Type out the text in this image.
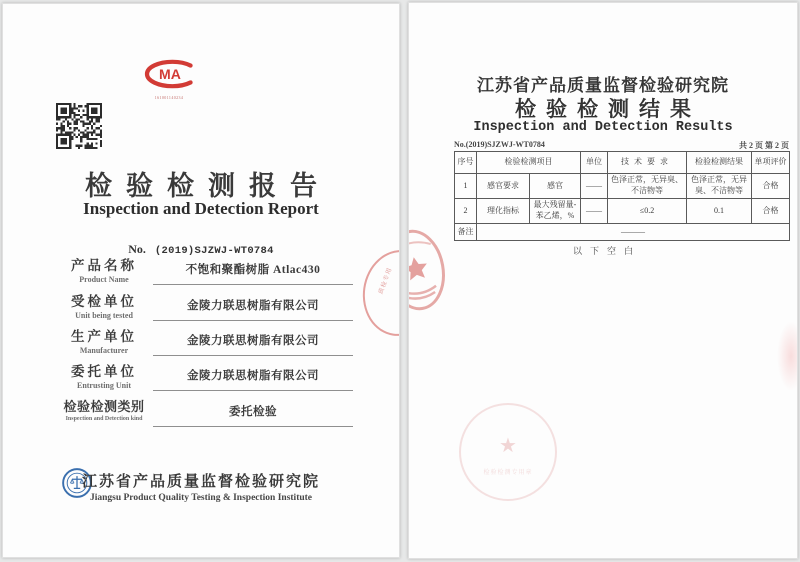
MA
161001140234
检验检测报告
Inspection and Detection Report
No. (2019)SJZWJ-WT0784
产品名称
Product Name
不饱和聚酯树脂 Atlac430
受检单位
Unit being tested
金陵力联思树脂有限公司
生产单位
Manufacturer
金陵力联思树脂有限公司
委托单位
Entrusting Unit
金陵力联思树脂有限公司
检验检测类别
Inspection and Detection kind
委托检验
质检专用
江苏省产品质量监督检验研究院
Jiangsu Product Quality Testing & Inspection Institute
江苏省产品质量监督检验研究院
检验检测结果
Inspection and Detection Results
No.(2019)SJZWJ-WT0784	共 2 页 第 2 页
序号	检验检测项目		单位	技术要求	检验检测结果	单项评价
1	感官要求	感官	——	色泽正常，无异臭、不洁物等	色泽正常，无异臭、不洁物等	合格
2	理化指标	最大残留量-苯乙烯，%	——	≤0.2	0.1	合格
备注	———					
以下空白
★
检验检测专用章
